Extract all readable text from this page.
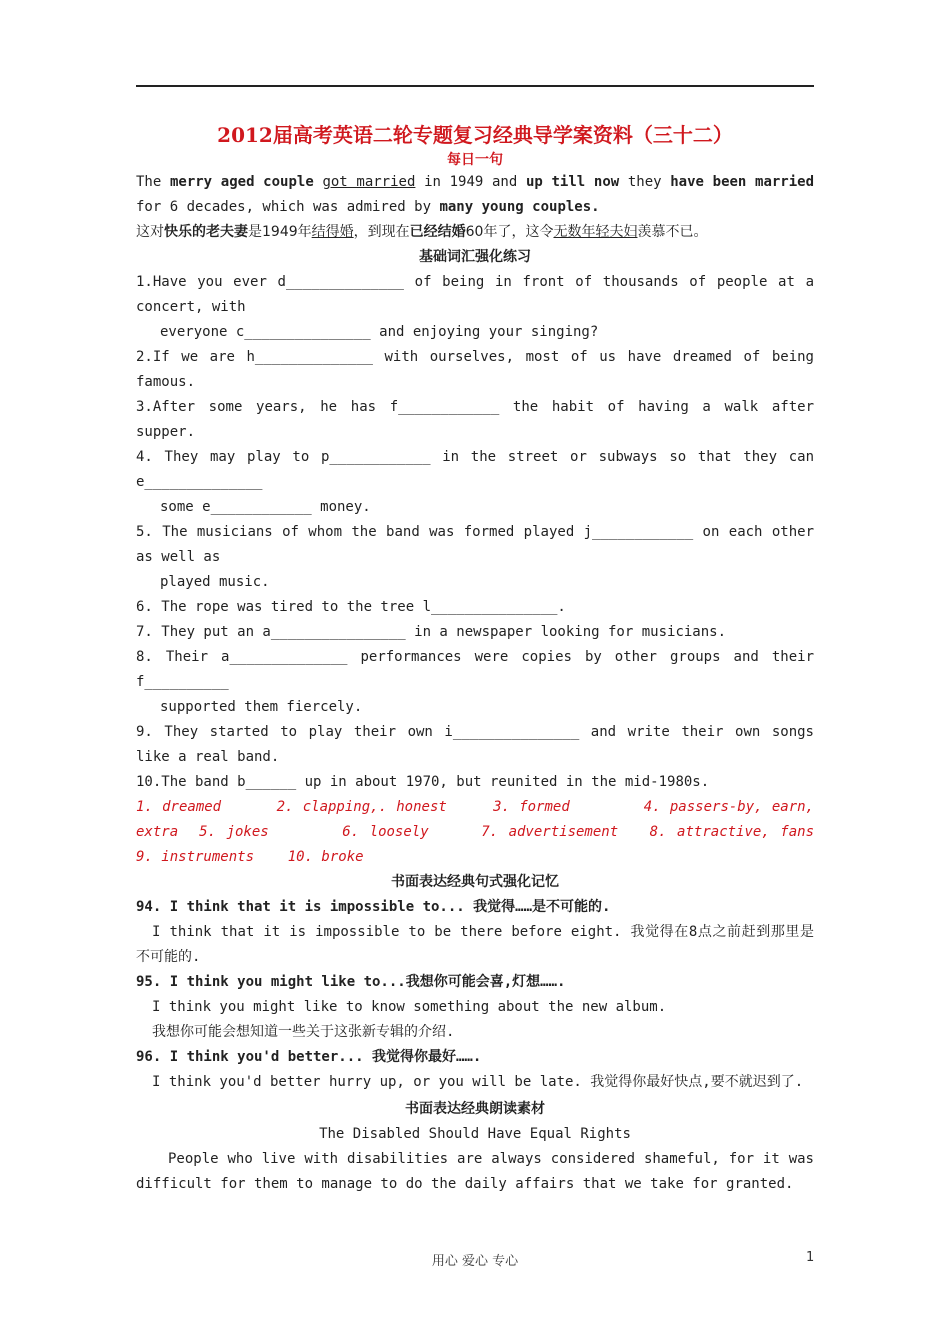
2012届高考英语二轮专题复习经典导学案资料（三十二）
每日一句
The merry aged couple got married in 1949 and up till now they have been married for 6 decades, which was admired by many young couples.
这对快乐的老夫妻是1949年结得婚，到现在已经结婚60年了，这令无数年轻夫妇羡慕不已。
基础词汇强化练习
1.Have you ever d______________ of being in front of thousands of people at a concert, with
everyone c_______________ and enjoying your singing?
2.If we are h______________ with ourselves, most of us have dreamed of being famous.
3.After some years, he has f____________ the habit of having a walk after supper.
4. They may play to p____________ in the street or subways so that they can e______________
some e____________ money.
5. The musicians of whom the band was formed played j____________ on each other as well as
played music.
6. The rope was tired to the tree l_______________.
7. They put an a________________ in a newspaper looking for musicians.
8. Their a______________ performances were copies by other groups and their f__________
supported them fiercely.
9. They started to play their own i_______________ and write their own songs like a real band.
10.The band b______ up in about 1970, but reunited in the mid-1980s.
1. dreamed      2. clapping,. honest     3. formed        4. passers-by, earn, extra  5. jokes       6. loosely     7. advertisement   8. attractive, fans    9. instruments    10. broke
书面表达经典句式强化记忆
94. I think that it is impossible to... 我觉得……是不可能的.
I think that it is impossible to be there before eight. 我觉得在8点之前赶到那里是不可能的.
95. I think you might like to...我想你可能会喜,灯想…….
I think you might like to know something about the new album.
我想你可能会想知道一些关于这张新专辑的介绍.
96. I think you'd better... 我觉得你最好…….
I think you'd better hurry up, or you will be late. 我觉得你最好快点,要不就迟到了.
书面表达经典朗读素材
The Disabled Should Have Equal Rights
People who live with disabilities are always considered shameful, for it was difficult for them to manage to do the daily affairs that we take for granted.
用心 爱心 专心	1
